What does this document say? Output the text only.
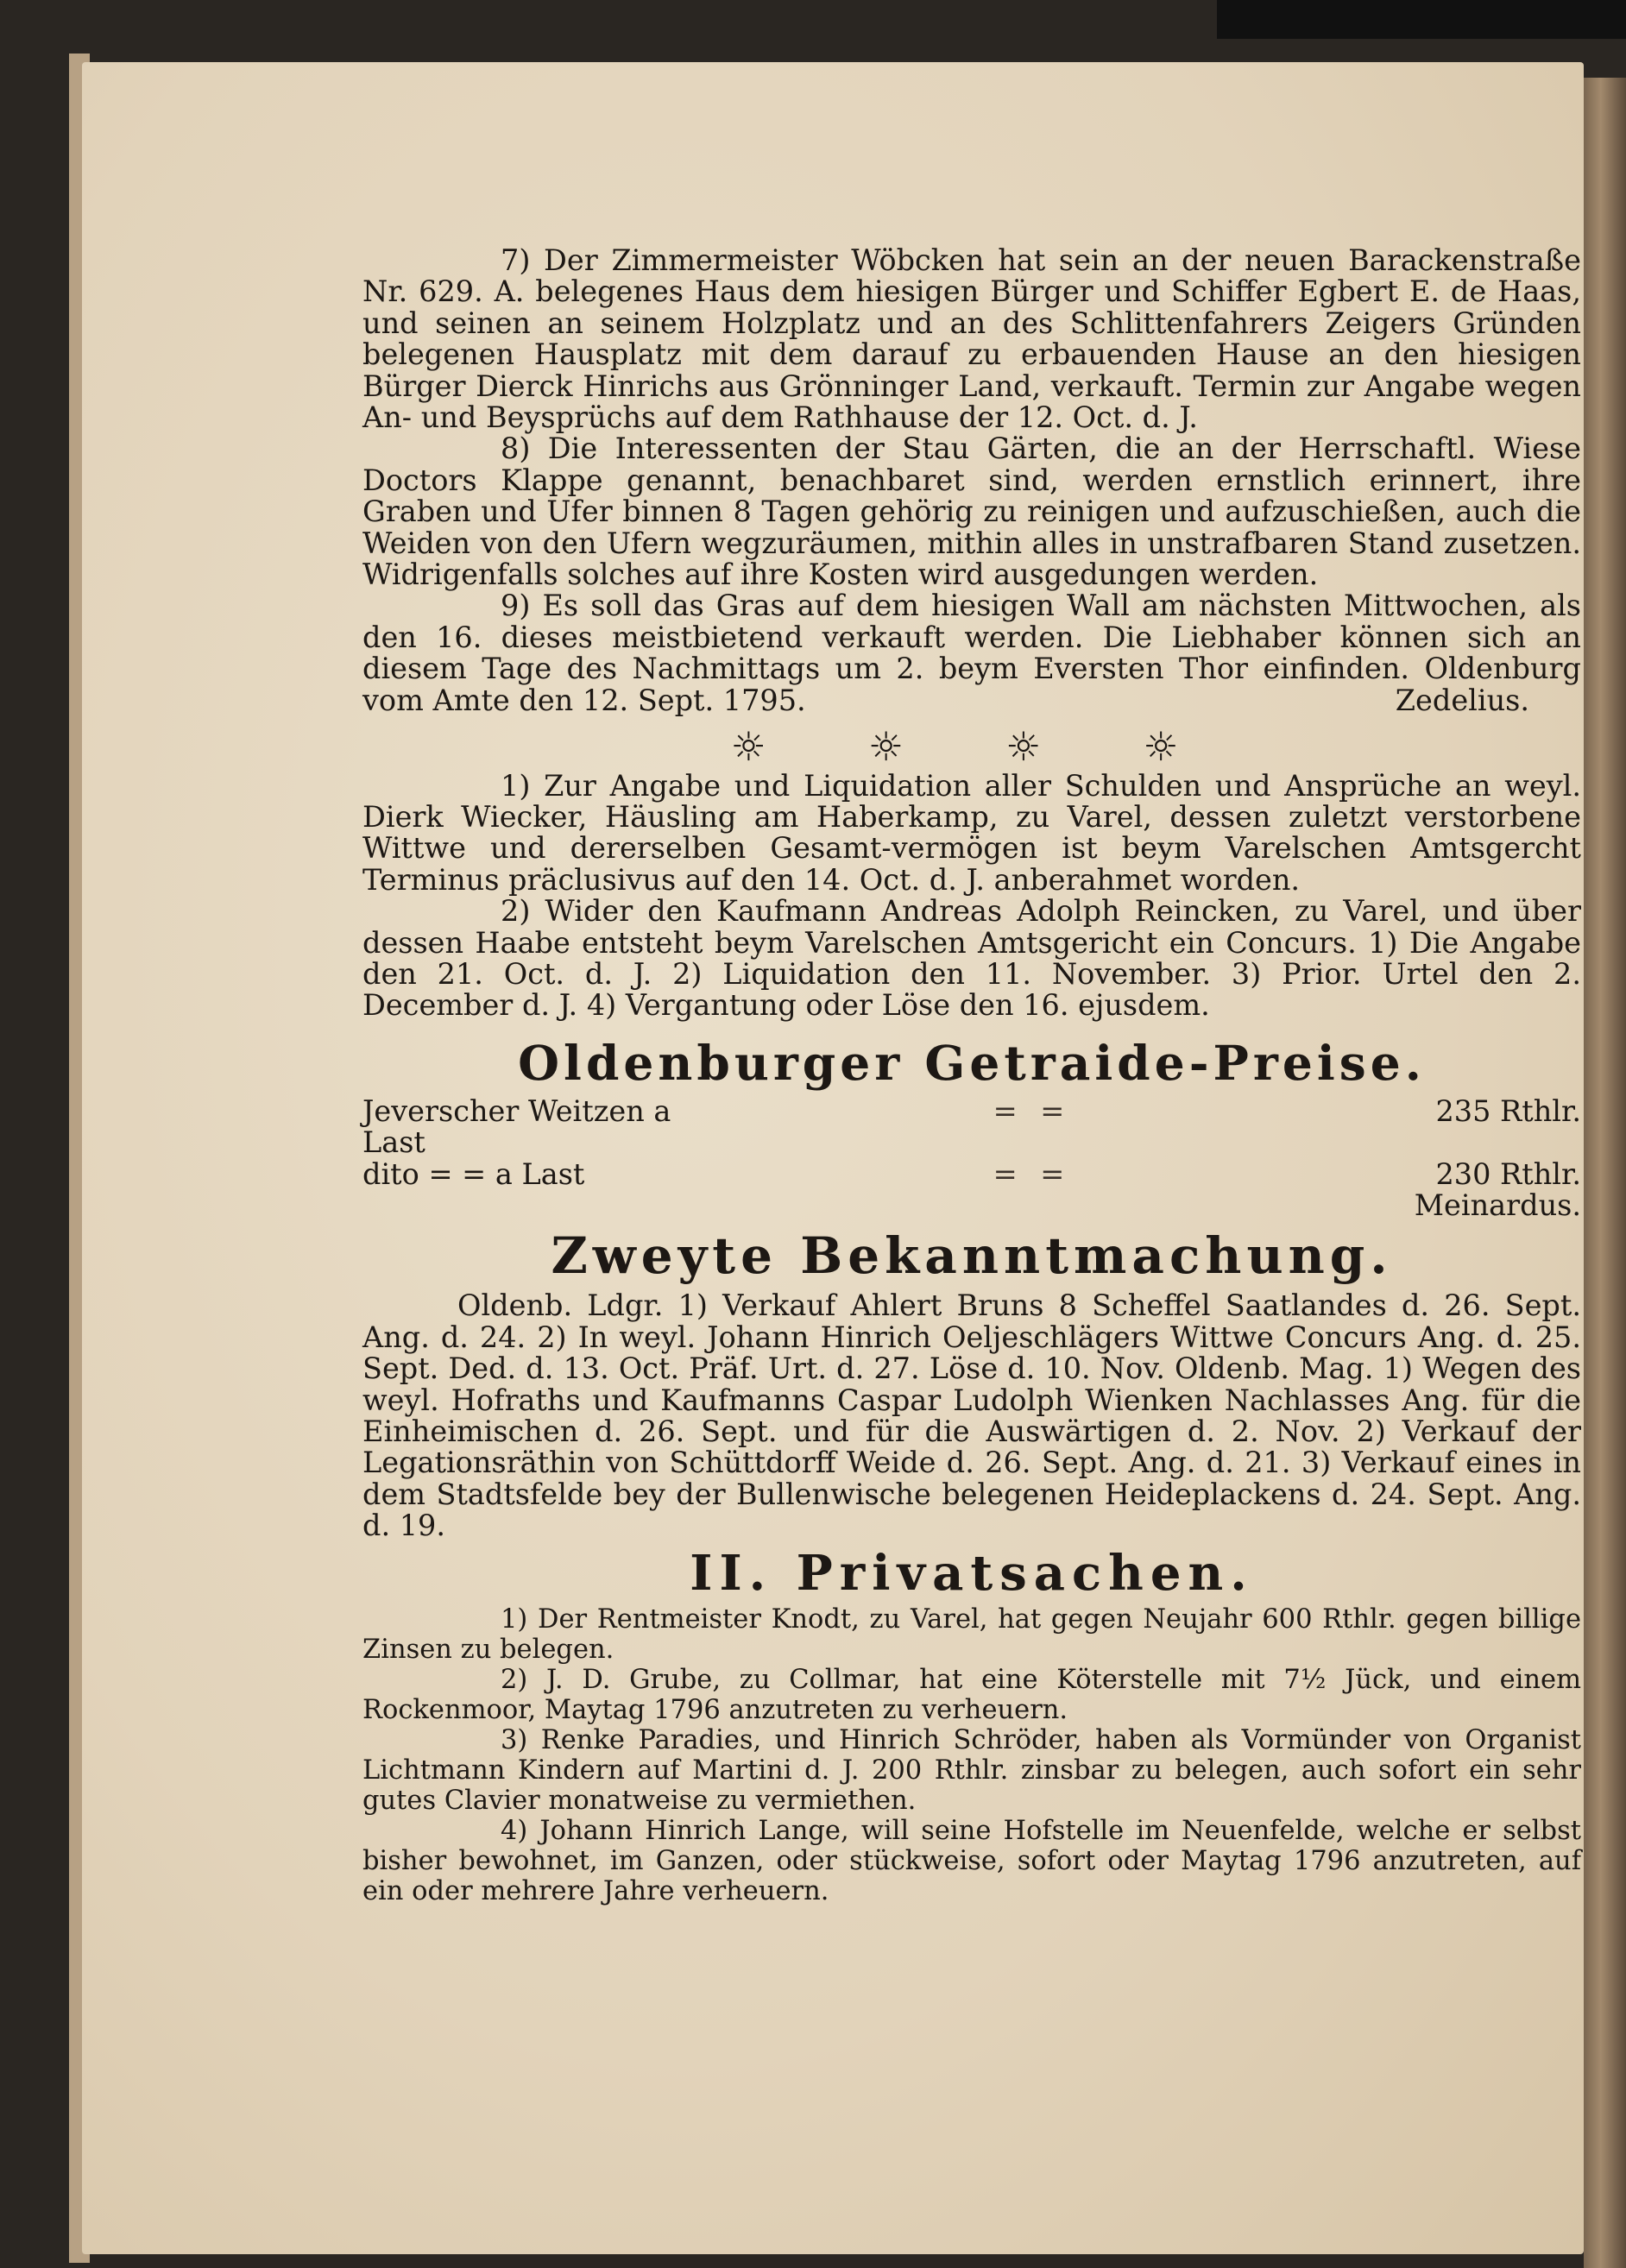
7) Der Zimmermeister Wöbcken hat sein an der neuen Barackenstraße Nr. 629. A. belegenes Haus dem hiesigen Bürger und Schiffer Egbert E. de Haas, und seinen an seinem Holzplatz und an des Schlittenfahrers Zeigers Gründen belegenen Hausplatz mit dem darauf zu erbauenden Hause an den hiesigen Bürger Dierck Hinrichs aus Grönninger Land, verkauft. Termin zur Angabe wegen An- und Beysprüchs auf dem Rathhause der 12. Oct. d. J.

8) Die Interessenten der Stau Gärten, die an der Herrschaftl. Wiese Doctors Klappe genannt, benachbaret sind, werden ernstlich erinnert, ihre Graben und Ufer binnen 8 Tagen gehörig zu reinigen und aufzuschießen, auch die Weiden von den Ufern wegzuräumen, mithin alles in unstrafbaren Stand zusetzen. Widrigenfalls solches auf ihre Kosten wird ausgedungen werden.

9) Es soll das Gras auf dem hiesigen Wall am nächsten Mittwochen, als den 16. dieses meistbietend verkauft werden. Die Liebhaber können sich an diesem Tage des Nachmittags um 2. beym Eversten Thor einfinden. Oldenburg vom Amte den 12. Sept. 1795.	Zedelius.

☼	☼	☼	☼

1) Zur Angabe und Liquidation aller Schulden und Ansprüche an weyl. Dierk Wiecker, Häusling am Haberkamp, zu Varel, dessen zuletzt verstorbene Wittwe und dererselben Gesamt-vermögen ist beym Varelschen Amtsgercht Terminus präclusivus auf den 14. Oct. d. J. anberahmet worden.

2) Wider den Kaufmann Andreas Adolph Reincken, zu Varel, und über dessen Haabe entsteht beym Varelschen Amtsgericht ein Concurs. 1) Die Angabe den 21. Oct. d. J. 2) Liquidation den 11. November. 3) Prior. Urtel den 2. December d. J. 4) Vergantung oder Löse den 16. ejusdem.

Oldenburger Getraide-Preise.

Jeverscher Weitzen a Last
= =	235 Rthlr.
dito = = a Last	= =	230 Rthlr.

Meinardus.

Zweyte Bekanntmachung.

Oldenb. Ldgr. 1) Verkauf Ahlert Bruns 8 Scheffel Saatlandes d. 26. Sept. Ang. d. 24. 2) In weyl. Johann Hinrich Oeljeschlägers Wittwe Concurs Ang. d. 25. Sept. Ded. d. 13. Oct. Präf. Urt. d. 27. Löse d. 10. Nov. Oldenb. Mag. 1) Wegen des weyl. Hofraths und Kaufmanns Caspar Ludolph Wienken Nachlasses Ang. für die Einheimischen d. 26. Sept. und für die Auswärtigen d. 2. Nov. 2) Verkauf der Legationsräthin von Schüttdorff Weide d. 26. Sept. Ang. d. 21. 3) Verkauf eines in dem Stadtsfelde bey der Bullenwische belegenen Heideplackens d. 24. Sept. Ang. d. 19.

II. Privatsachen.

1) Der Rentmeister Knodt, zu Varel, hat gegen Neujahr 600 Rthlr. gegen billige Zinsen zu belegen.

2) J. D. Grube, zu Collmar, hat eine Köterstelle mit 7½ Jück, und einem Rockenmoor, Maytag 1796 anzutreten zu verheuern.

3) Renke Paradies, und Hinrich Schröder, haben als Vormünder von Organist Lichtmann Kindern auf Martini d. J. 200 Rthlr. zinsbar zu belegen, auch sofort ein sehr gutes Clavier monatweise zu vermiethen.

4) Johann Hinrich Lange, will seine Hofstelle im Neuenfelde, welche er selbst bisher bewohnet, im Ganzen, oder stückweise, sofort oder Maytag 1796 anzutreten, auf ein oder mehrere Jahre verheuern.
